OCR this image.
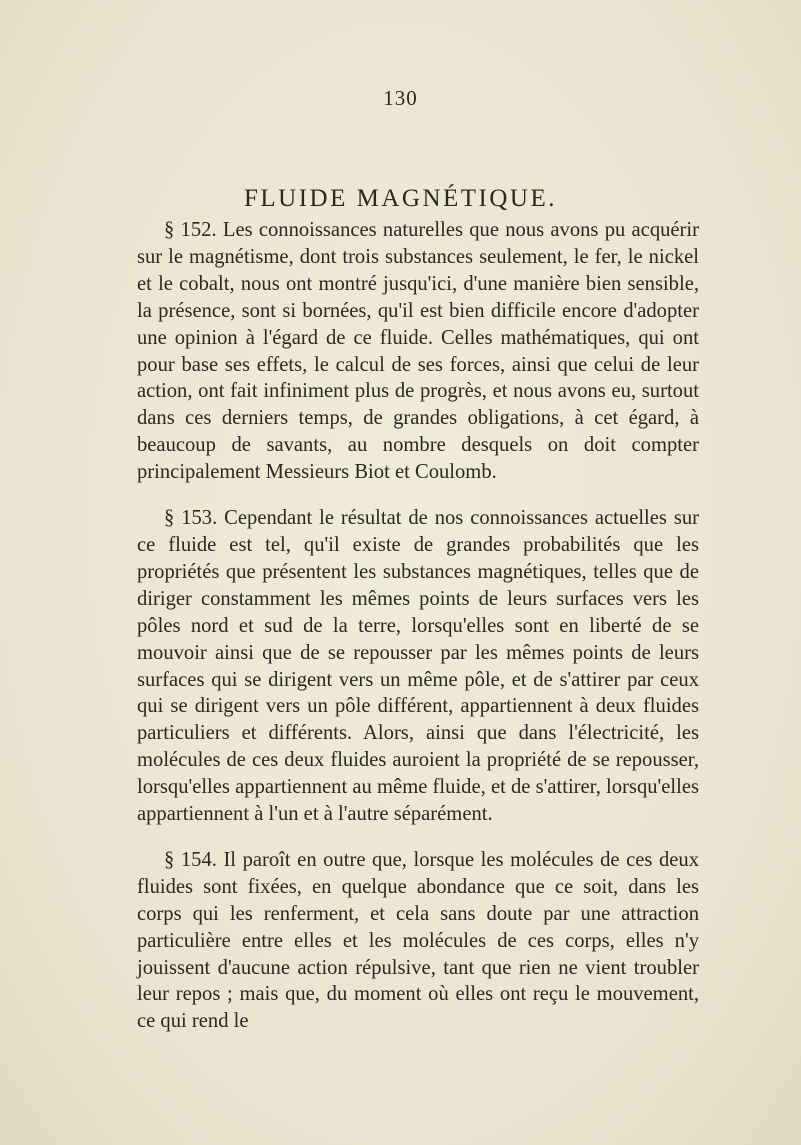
130
FLUIDE MAGNÉTIQUE.

§ 152. Les connoissances naturelles que nous avons pu acquérir sur le magnétisme, dont trois substances seulement, le fer, le nickel et le cobalt, nous ont montré jusqu'ici, d'une manière bien sensible, la présence, sont si bornées, qu'il est bien difficile encore d'adopter une opinion à l'égard de ce fluide. Celles mathématiques, qui ont pour base ses effets, le calcul de ses forces, ainsi que celui de leur action, ont fait infiniment plus de progrès, et nous avons eu, surtout dans ces derniers temps, de grandes obligations, à cet égard, à beaucoup de savants, au nombre desquels on doit compter principalement Messieurs Biot et Coulomb.

§ 153. Cependant le résultat de nos connoissances actuelles sur ce fluide est tel, qu'il existe de grandes probabilités que les propriétés que présentent les substances magnétiques, telles que de diriger constamment les mêmes points de leurs surfaces vers les pôles nord et sud de la terre, lorsqu'elles sont en liberté de se mouvoir ainsi que de se repousser par les mêmes points de leurs surfaces qui se dirigent vers un même pôle, et de s'attirer par ceux qui se dirigent vers un pôle différent, appartiennent à deux fluides particuliers et différents. Alors, ainsi que dans l'électricité, les molécules de ces deux fluides auroient la propriété de se repousser, lorsqu'elles appartiennent au même fluide, et de s'attirer, lorsqu'elles appartiennent à l'un et à l'autre séparément.

§ 154. Il paroît en outre que, lorsque les molécules de ces deux fluides sont fixées, en quelque abondance que ce soit, dans les corps qui les renferment, et cela sans doute par une attraction particulière entre elles et les molécules de ces corps, elles n'y jouissent d'aucune action répulsive, tant que rien ne vient troubler leur repos ; mais que, du moment où elles ont reçu le mouvement, ce qui rend le
